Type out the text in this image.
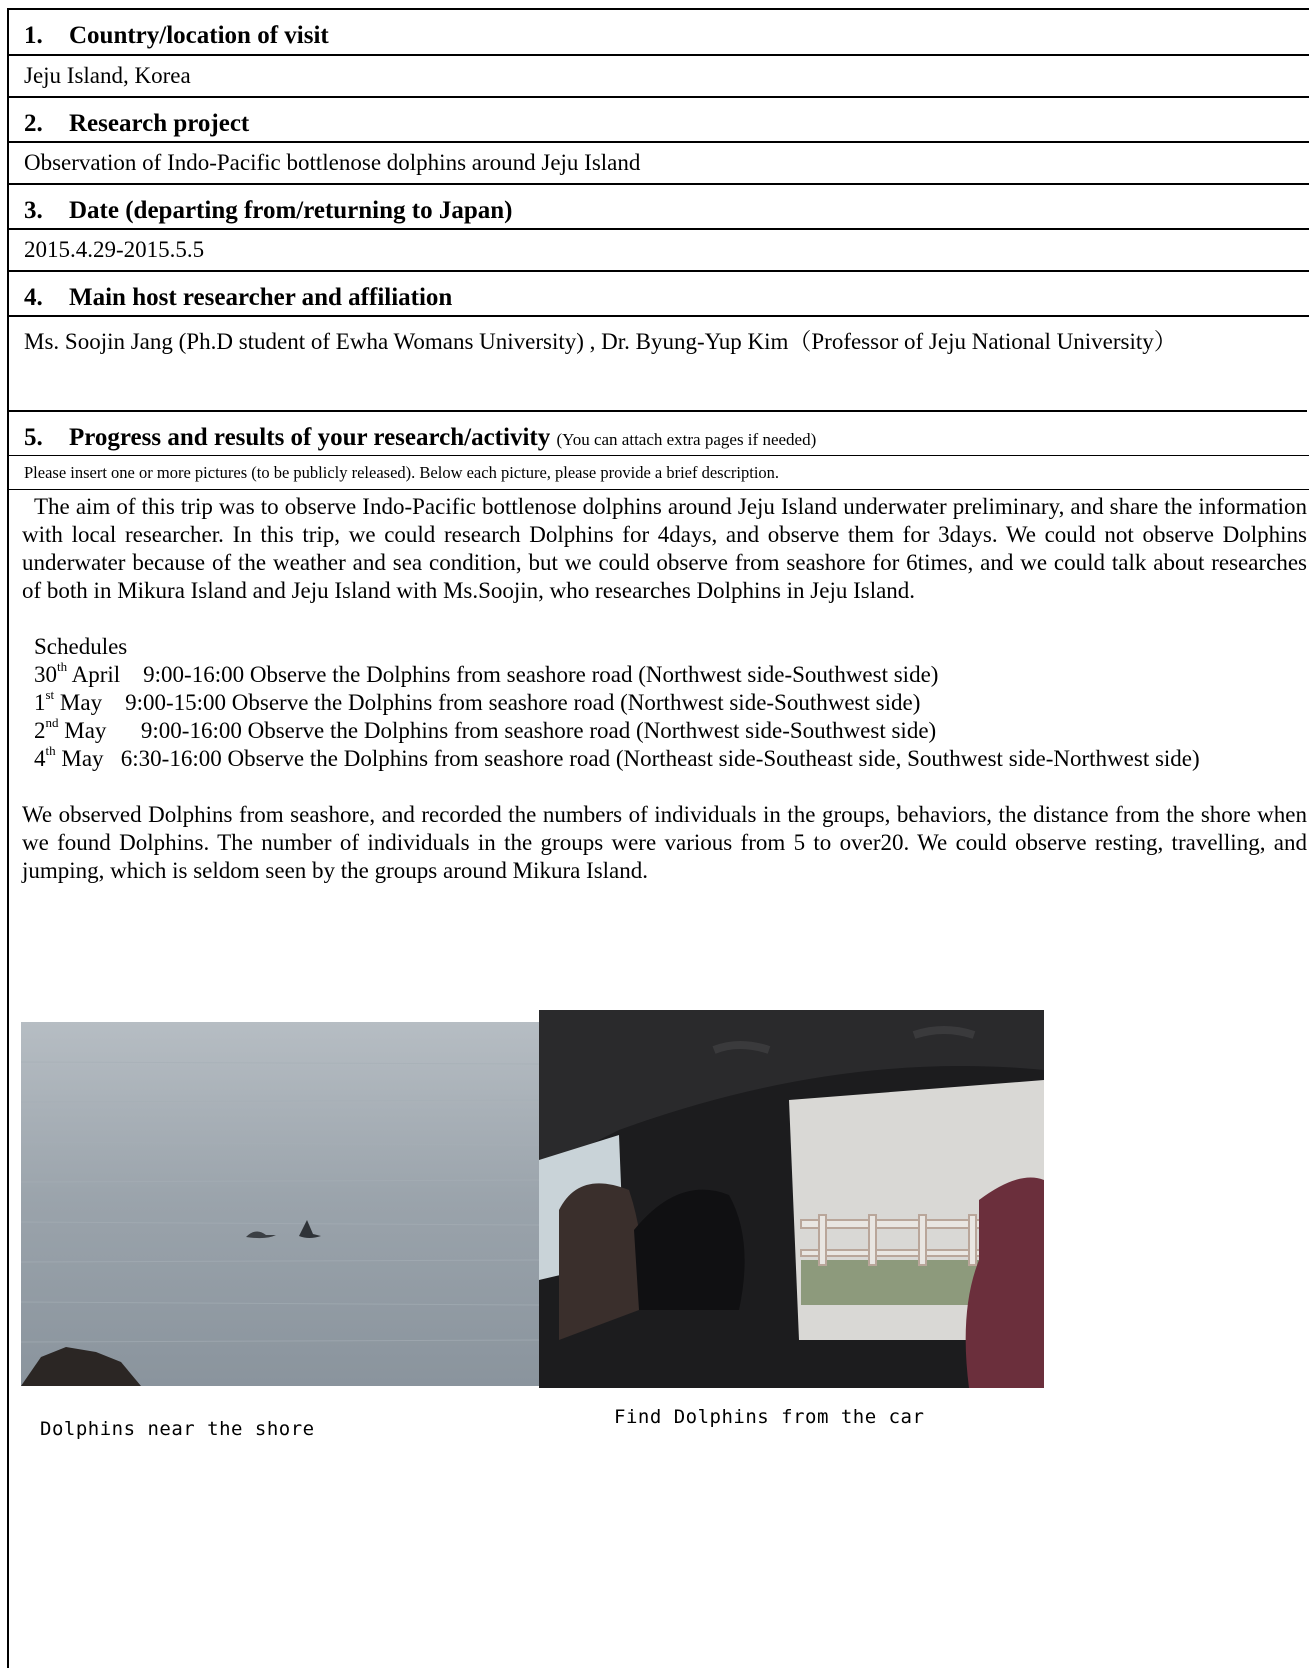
1. Country/location of visit
Jeju Island, Korea
2. Research project
Observation of Indo-Pacific bottlenose dolphins around Jeju Island
3. Date (departing from/returning to Japan)
2015.4.29-2015.5.5
4. Main host researcher and affiliation
Ms. Soojin Jang (Ph.D student of Ewha Womans University) , Dr. Byung-Yup Kim（Professor of Jeju National University）
5. Progress and results of your research/activity (You can attach extra pages if needed)
Please insert one or more pictures (to be publicly released). Below each picture, please provide a brief description.

The aim of this trip was to observe Indo-Pacific bottlenose dolphins around Jeju Island underwater preliminary, and share the information with local researcher. In this trip, we could research Dolphins for 4days, and observe them for 3days. We could not observe Dolphins underwater because of the weather and sea condition, but we could observe from seashore for 6times, and we could talk about researches of both in Mikura Island and Jeju Island with Ms.Soojin, who researches Dolphins in Jeju Island.

Schedules

30th April 9:00-16:00 Observe the Dolphins from seashore road (Northwest side-Southwest side)

1st May 9:00-15:00 Observe the Dolphins from seashore road (Northwest side-Southwest side)

2nd May 9:00-16:00 Observe the Dolphins from seashore road (Northwest side-Southwest side)

4th May 6:30-16:00 Observe the Dolphins from seashore road (Northeast side-Southeast side, Southwest side-Northwest side)

We observed Dolphins from seashore, and recorded the numbers of individuals in the groups, behaviors, the distance from the shore when we found Dolphins. The number of individuals in the groups were various from 5 to over20. We could observe resting, travelling, and jumping, which is seldom seen by the groups around Mikura Island.

Dolphins near the shore
Find Dolphins from the car
